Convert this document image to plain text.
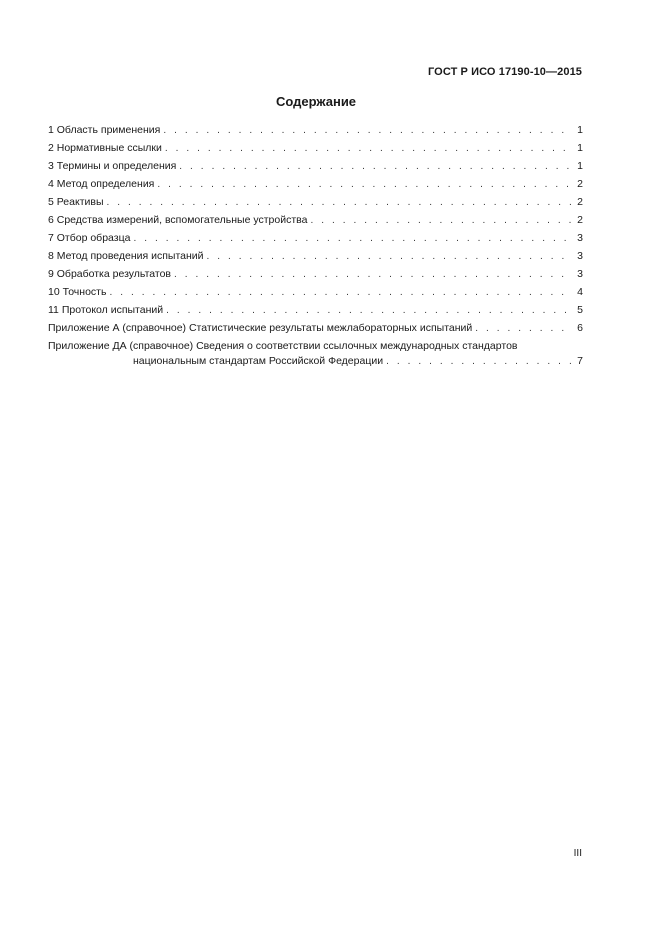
ГОСТ Р ИСО 17190-10—2015
Содержание
1 Область применения . . .	1
2 Нормативные ссылки . . .	1
3 Термины и определения . . .	1
4 Метод определения . . .	2
5 Реактивы . . .	2
6 Средства измерений, вспомогательные устройства . . .	2
7 Отбор образца . . .	3
8 Метод проведения испытаний . . .	3
9 Обработка результатов . . .	3
10 Точность . . .	4
11 Протокол испытаний . . .	5
Приложение А (справочное) Статистические результаты межлабораторных испытаний . . .	6
Приложение ДА (справочное) Сведения о соответствии ссылочных международных стандартов
национальным стандартам Российской Федерации . . .	7
III
